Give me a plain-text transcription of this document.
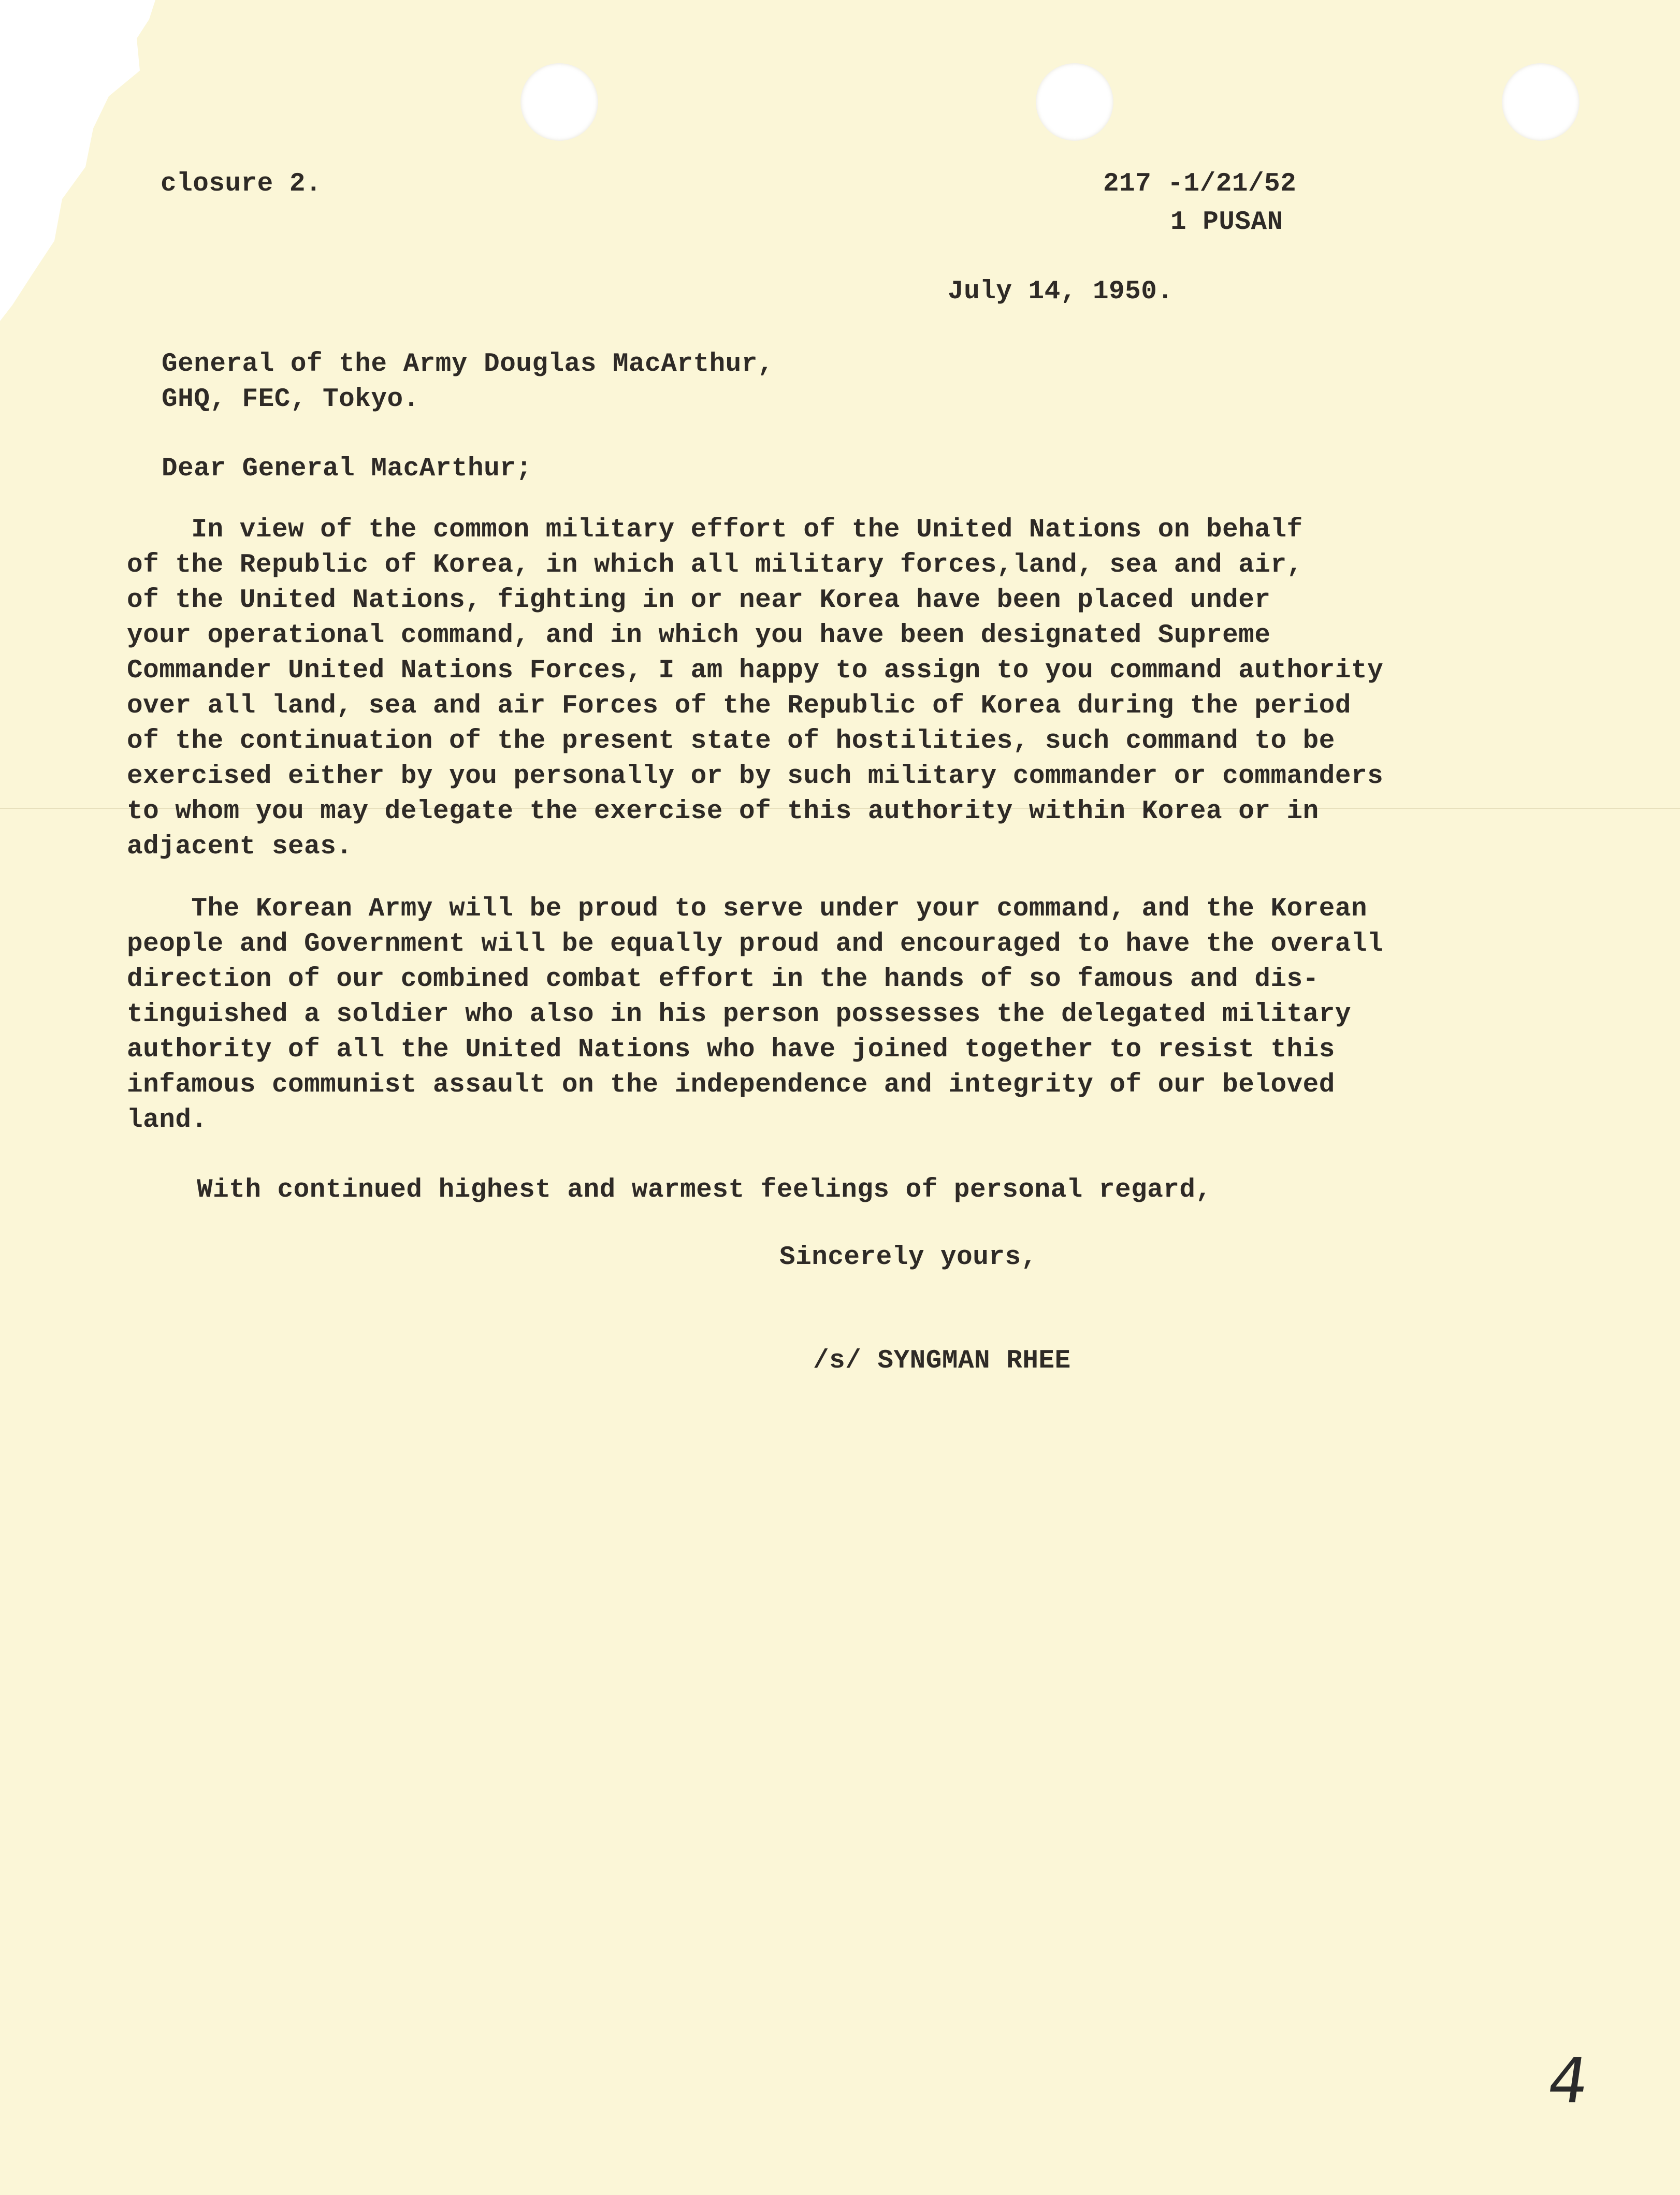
closure 2.	217 -1/21/52
1 PUSAN
July 14, 1950.
General of the Army Douglas MacArthur,
GHQ, FEC, Tokyo.
Dear General MacArthur;
In view of the common military effort of the United Nations on behalf
of the Republic of Korea, in which all military forces,land, sea and air,
of the United Nations, fighting in or near Korea have been placed under
your operational command, and in which you have been designated Supreme
Commander United Nations Forces, I am happy to assign to you command authority
over all land, sea and air Forces of the Republic of Korea during the period
of the continuation of the present state of hostilities, such command to be
exercised either by you personally or by such military commander or commanders
to whom you may delegate the exercise of this authority within Korea or in
adjacent seas.
The Korean Army will be proud to serve under your command, and the Korean
people and Government will be equally proud and encouraged to have the overall
direction of our combined combat effort in the hands of so famous and dis-
tinguished a soldier who also in his person possesses the delegated military
authority of all the United Nations who have joined together to resist this
infamous communist assault on the independence and integrity of our beloved
land.
With continued highest and warmest feelings of personal regard,
Sincerely yours,
/s/ SYNGMAN RHEE
4
